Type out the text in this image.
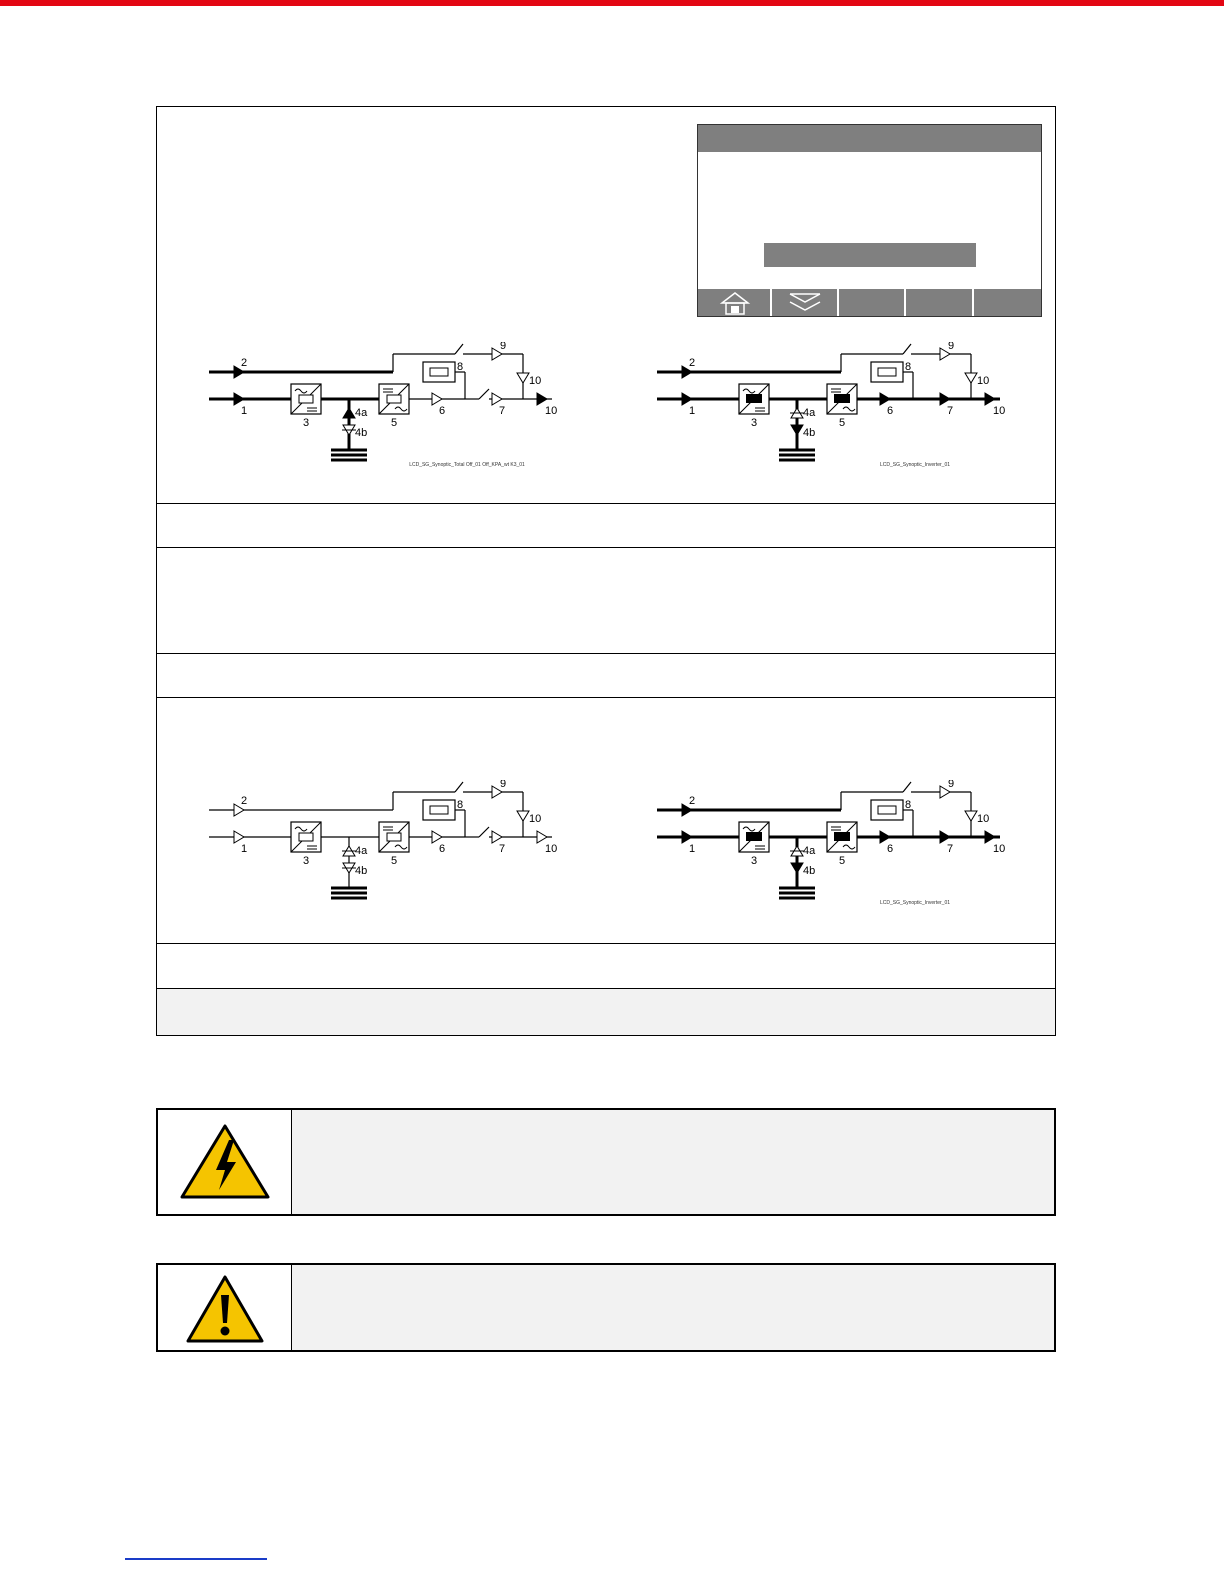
2
1
3
4a
4b
5
6
9
10
8
7	10
LCD_SG_Synoptic_Total Off_01 Off_KPA_wt K3_01
2
1
3
4a
4b
5
6
9
10
8
7	10
LCD_SG_Synoptic_Inverter_01
2
1
3
4a
4b
5
6
9
10
8
7	10
2
1
3
4a
4b
5
6
9
10
8
7	10
LCD_SG_Synoptic_Inverter_01
